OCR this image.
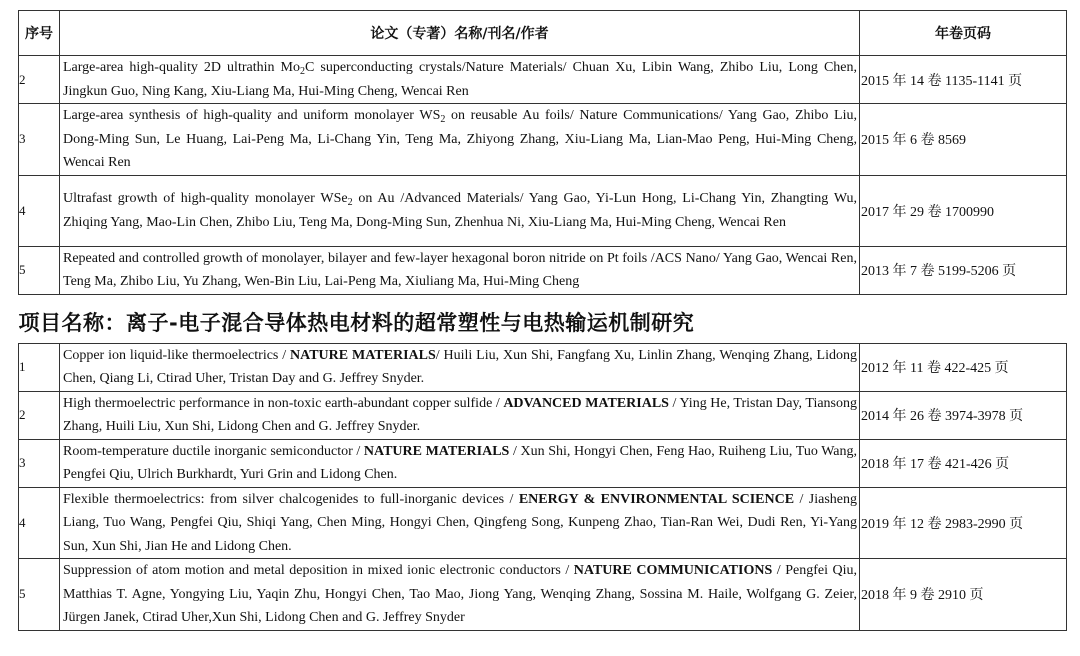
序号	论文（专著）名称/刊名/作者	年卷页码
2	Large-area high-quality 2D ultrathin $Mo_2C$ superconducting crystals/Nature Materials/ Chuan Xu, Libin Wang, Zhibo Liu, Long Chen, Jingkun Guo, Ning Kang, Xiu-Liang Ma, Hui-Ming Cheng, Wencai Ren	2015 年 14 卷 1135-1141 页
3	Large-area synthesis of high-quality and uniform monolayer $WS_2$ on reusable Au foils/ Nature Communications/ Yang Gao, Zhibo Liu, Dong-Ming Sun, Le Huang, Lai-Peng Ma, Li-Chang Yin, Teng Ma, Zhiyong Zhang, Xiu-Liang Ma, Lian-Mao Peng, Hui-Ming Cheng, Wencai Ren	2015 年 6 卷 8569
4	Ultrafast growth of high-quality monolayer WSe$_2$ on Au /Advanced Materials/ Yang Gao, Yi-Lun Hong, Li-Chang Yin, Zhangting Wu, Zhiqing Yang, Mao-Lin Chen, Zhibo Liu, Teng Ma, Dong-Ming Sun, Zhenhua Ni, Xiu-Liang Ma, Hui-Ming Cheng, Wencai Ren	2017 年 29 卷 1700990
5	Repeated and controlled growth of monolayer, bilayer and few-layer hexagonal boron nitride on Pt foils /ACS Nano/ Yang Gao, Wencai Ren, Teng Ma, Zhibo Liu, Yu Zhang, Wen-Bin Liu, Lai-Peng Ma, Xiuliang Ma, Hui-Ming Cheng	2013 年 7 卷 5199-5206 页
项目名称：离子-电子混合导体热电材料的超常塑性与电热输运机制研究		
1	Copper ion liquid-like thermoelectrics / NATURE MATERIALS/ Huili Liu, Xun Shi, Fangfang Xu, Linlin Zhang, Wenqing Zhang, Lidong Chen, Qiang Li, Ctirad Uher, Tristan Day and G. Jeffrey Snyder.	2012 年 11 卷 422-425 页
2	High thermoelectric performance in non-toxic earth-abundant copper sulfide / ADVANCED MATERIALS / Ying He, Tristan Day, Tiansong Zhang, Huili Liu, Xun Shi, Lidong Chen and G. Jeffrey Snyder.	2014 年 26 卷 3974-3978 页
3	Room-temperature ductile inorganic semiconductor / NATURE MATERIALS / Xun Shi, Hongyi Chen, Feng Hao, Ruiheng Liu, Tuo Wang, Pengfei Qiu, Ulrich Burkhardt, Yuri Grin and Lidong Chen.	2018 年 17 卷 421-426 页
4	Flexible thermoelectrics: from silver chalcogenides to full-inorganic devices / ENERGY & ENVIRONMENTAL SCIENCE / Jiasheng Liang, Tuo Wang, Pengfei Qiu, Shiqi Yang, Chen Ming, Hongyi Chen, Qingfeng Song, Kunpeng Zhao, Tian-Ran Wei, Dudi Ren, Yi-Yang Sun, Xun Shi, Jian He and Lidong Chen.	2019 年 12 卷 2983-2990 页
5	Suppression of atom motion and metal deposition in mixed ionic electronic conductors / NATURE COMMUNICATIONS / Pengfei Qiu, Matthias T. Agne, Yongying Liu, Yaqin Zhu, Hongyi Chen, Tao Mao, Jiong Yang, Wenqing Zhang, Sossina M. Haile, Wolfgang G. Zeier, Jürgen Janek, Ctirad Uher,Xun Shi, Lidong Chen and G. Jeffrey Snyder	2018 年 9 卷 2910 页
